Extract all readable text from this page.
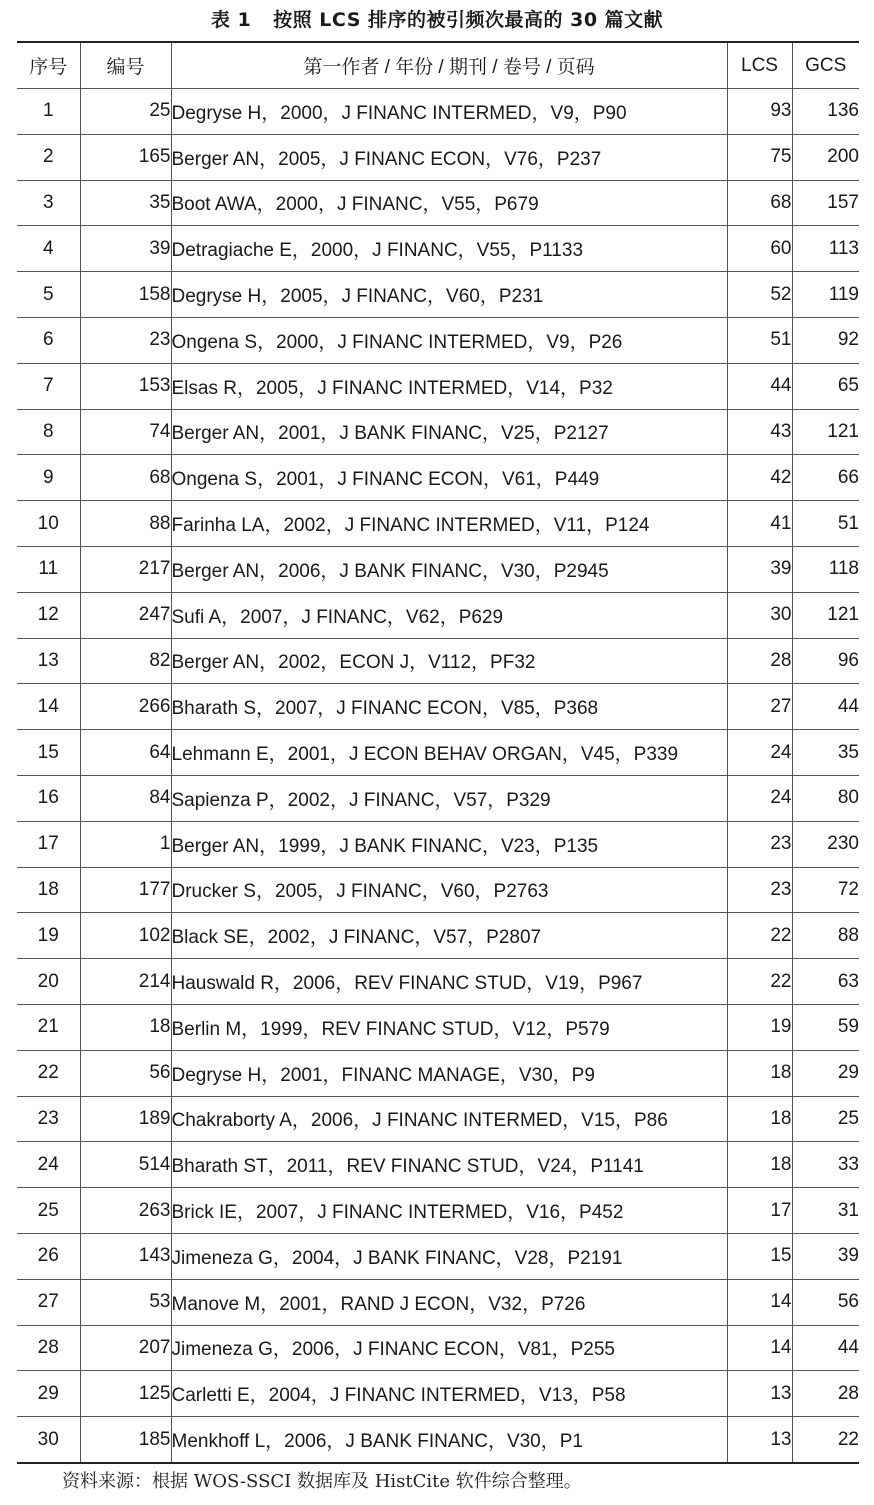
表 1 按照 LCS 排序的被引频次最高的 30 篇文献
序号	编号	第一作者 / 年份 / 期刊 / 卷号 / 页码	LCS	GCS
1	25	Degryse H，2000，J FINANC INTERMED，V9，P90	93	136
2	165	Berger AN，2005，J FINANC ECON，V76，P237	75	200
3	35	Boot AWA，2000，J FINANC，V55，P679	68	157
4	39	Detragiache E，2000，J FINANC，V55，P1133	60	113
5	158	Degryse H，2005，J FINANC，V60，P231	52	119
6	23	Ongena S，2000，J FINANC INTERMED，V9，P26	51	92
7	153	Elsas R，2005，J FINANC INTERMED，V14，P32	44	65
8	74	Berger AN，2001，J BANK FINANC，V25，P2127	43	121
9	68	Ongena S，2001，J FINANC ECON，V61，P449	42	66
10	88	Farinha LA，2002，J FINANC INTERMED，V11，P124	41	51
11	217	Berger AN，2006，J BANK FINANC，V30，P2945	39	118
12	247	Sufi A，2007，J FINANC，V62，P629	30	121
13	82	Berger AN，2002，ECON J，V112，PF32	28	96
14	266	Bharath S，2007，J FINANC ECON，V85，P368	27	44
15	64	Lehmann E，2001，J ECON BEHAV ORGAN，V45，P339	24	35
16	84	Sapienza P，2002，J FINANC，V57，P329	24	80
17	1	Berger AN，1999，J BANK FINANC，V23，P135	23	230
18	177	Drucker S，2005，J FINANC，V60，P2763	23	72
19	102	Black SE，2002，J FINANC，V57，P2807	22	88
20	214	Hauswald R，2006，REV FINANC STUD，V19，P967	22	63
21	18	Berlin M，1999，REV FINANC STUD，V12，P579	19	59
22	56	Degryse H，2001，FINANC MANAGE，V30，P9	18	29
23	189	Chakraborty A，2006，J FINANC INTERMED，V15，P86	18	25
24	514	Bharath ST，2011，REV FINANC STUD，V24，P1141	18	33
25	263	Brick IE，2007，J FINANC INTERMED，V16，P452	17	31
26	143	Jimeneza G，2004，J BANK FINANC，V28，P2191	15	39
27	53	Manove M，2001，RAND J ECON，V32，P726	14	56
28	207	Jimeneza G，2006，J FINANC ECON，V81，P255	14	44
29	125	Carletti E，2004，J FINANC INTERMED，V13，P58	13	28
30	185	Menkhoff L，2006，J BANK FINANC，V30，P1	13	22
资料来源：根据 WOS-SSCI 数据库及 HistCite 软件综合整理。
